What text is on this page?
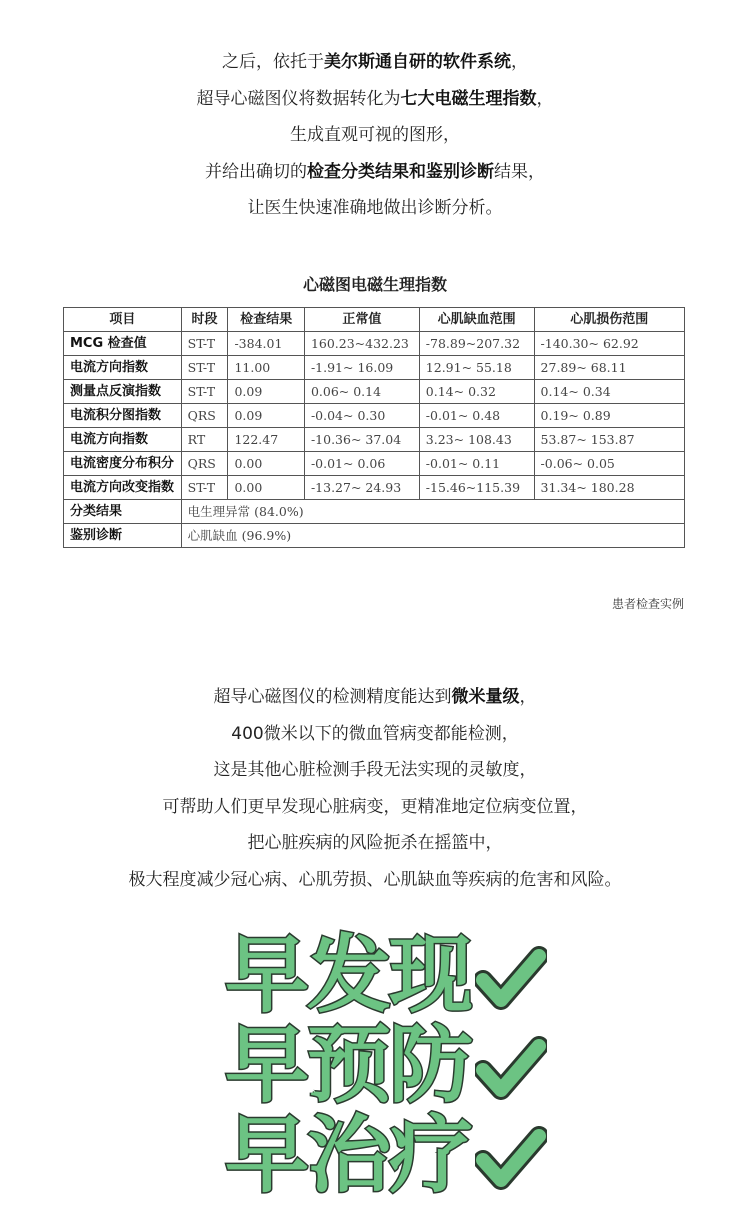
之后，依托于美尔斯通自研的软件系统，
超导心磁图仪将数据转化为七大电磁生理指数，
生成直观可视的图形，
并给出确切的检查分类结果和鉴别诊断结果，
让医生快速准确地做出诊断分析。
心磁图电磁生理指数
项目	时段	检查结果	正常值	心肌缺血范围	心肌损伤范围
MCG 检查值	ST-T	-384.01	160.23~432.23	-78.89~207.32	-140.30~ 62.92
电流方向指数	ST-T	11.00	-1.91~ 16.09	12.91~ 55.18	27.89~ 68.11
测量点反演指数	ST-T	0.09	0.06~ 0.14	0.14~ 0.32	0.14~ 0.34
电流积分图指数	QRS	0.09	-0.04~ 0.30	-0.01~ 0.48	0.19~ 0.89
电流方向指数	RT	122.47	-10.36~ 37.04	3.23~ 108.43	53.87~ 153.87
电流密度分布积分	QRS	0.00	-0.01~ 0.06	-0.01~ 0.11	-0.06~ 0.05
电流方向改变指数	ST-T	0.00	-13.27~ 24.93	-15.46~115.39	31.34~ 180.28
分类结果	电生理异常 (84.0%)				
鉴别诊断	心肌缺血 (96.9%)				
患者检查实例
超导心磁图仪的检测精度能达到微米量级，
400微米以下的微血管病变都能检测，
这是其他心脏检测手段无法实现的灵敏度，
可帮助人们更早发现心脏病变，更精准地定位病变位置，
把心脏疾病的风险扼杀在摇篮中，
极大程度减少冠心病、心肌劳损、心肌缺血等疾病的危害和风险。
早发现
早预防
早治疗
